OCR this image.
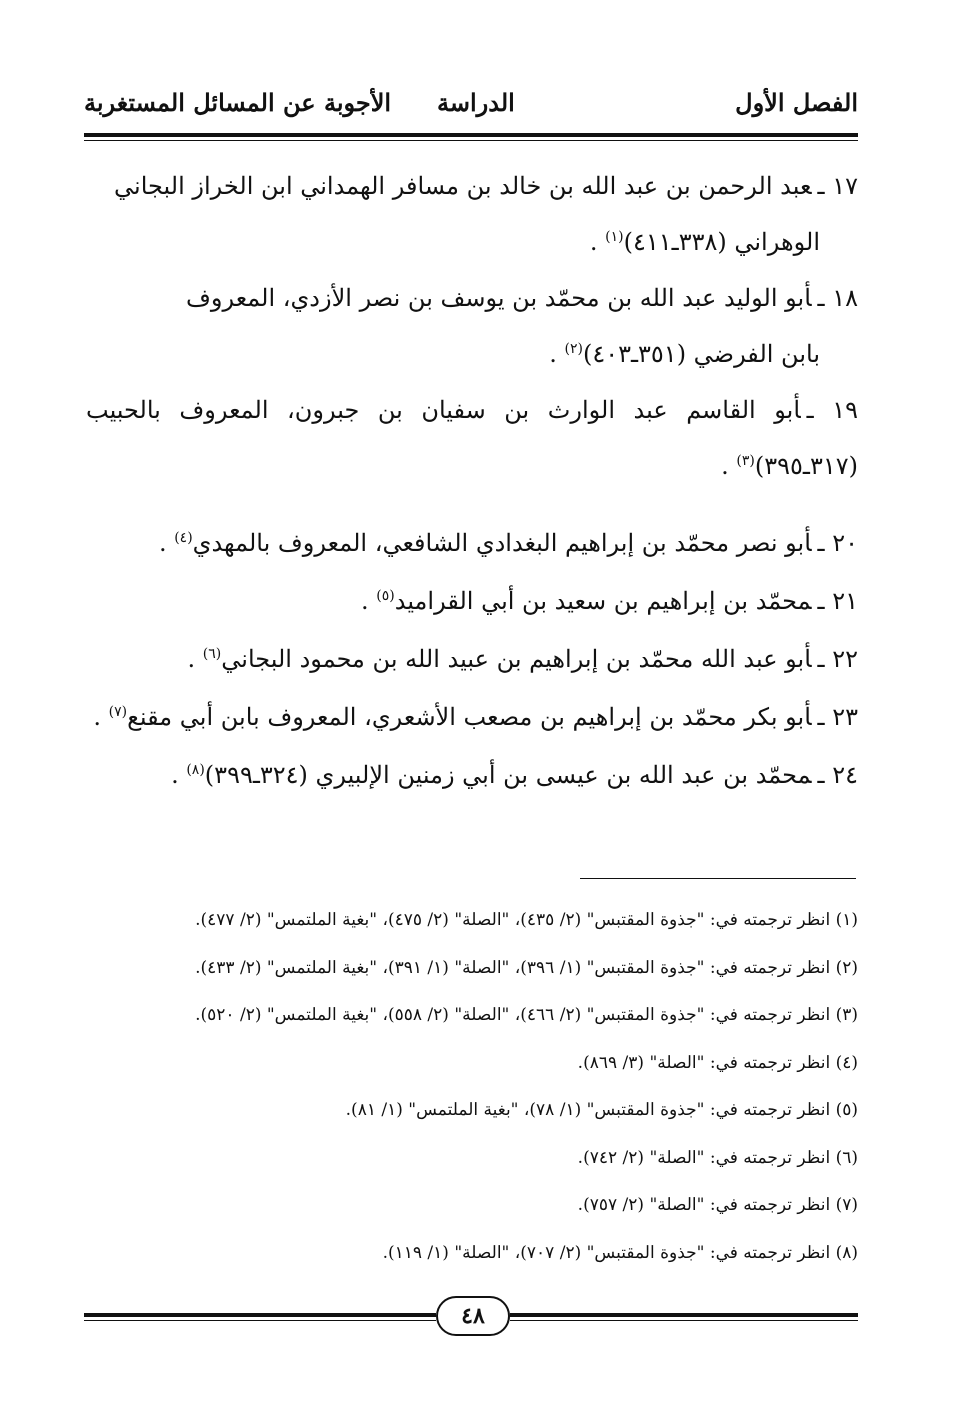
الفصل الأول
الدراسة
الأجوبة عن المسائل المستغربة

١٧ ـعبد الرحمن بن عبد الله بن خالد بن مسافر الهمداني ابن الخراز البجاني
الوهراني (٣٣٨ـ٤١١)$^{(١)}$ .

١٨ ـأبو الوليد عبد الله بن محمّد بن يوسف بن نصر الأزدي، المعروف
بابن الفرضي (٣٥١ـ٤٠٣)$^{(٢)}$ .

١٩ ـأبو القاسم عبد الوارث بن سفيان بن جبرون، المعروف بالحبيب (٣١٧ـ٣٩٥)$^{(٣)}$ .

٢٠ ـأبو نصر محمّد بن إبراهيم البغدادي الشافعي، المعروف بالمهدي$^{(٤)}$ .

٢١ ـمحمّد بن إبراهيم بن سعيد بن أبي القراميد$^{(٥)}$ .

٢٢ ـأبو عبد الله محمّد بن إبراهيم بن عبيد الله بن محمود البجاني$^{(٦)}$ .

٢٣ ـأبو بكر محمّد بن إبراهيم بن مصعب الأشعري، المعروف بابن أبي مقنع$^{(٧)}$ .

٢٤ ـمحمّد بن عبد الله بن عيسى بن أبي زمنين الإلبيري (٣٢٤ـ٣٩٩)$^{(٨)}$ .

(١) انظر ترجمته في: "جذوة المقتبس" (٢/ ٤٣٥)، "الصلة" (٢/ ٤٧٥)، "بغية الملتمس" (٢/ ٤٧٧).

(٢) انظر ترجمته في: "جذوة المقتبس" (١/ ٣٩٦)، "الصلة" (١/ ٣٩١)، "بغية الملتمس" (٢/ ٤٣٣).

(٣) انظر ترجمته في: "جذوة المقتبس" (٢/ ٤٦٦)، "الصلة" (٢/ ٥٥٨)، "بغية الملتمس" (٢/ ٥٢٠).

(٤) انظر ترجمته في: "الصلة" (٣/ ٨٦٩).

(٥) انظر ترجمته في: "جذوة المقتبس" (١/ ٧٨)، "بغية الملتمس" (١/ ٨١).

(٦) انظر ترجمته في: "الصلة" (٢/ ٧٤٢).

(٧) انظر ترجمته في: "الصلة" (٢/ ٧٥٧).

(٨) انظر ترجمته في: "جذوة المقتبس" (٢/ ٧٠٧)، "الصلة" (١/ ١١٩).

٤٨
